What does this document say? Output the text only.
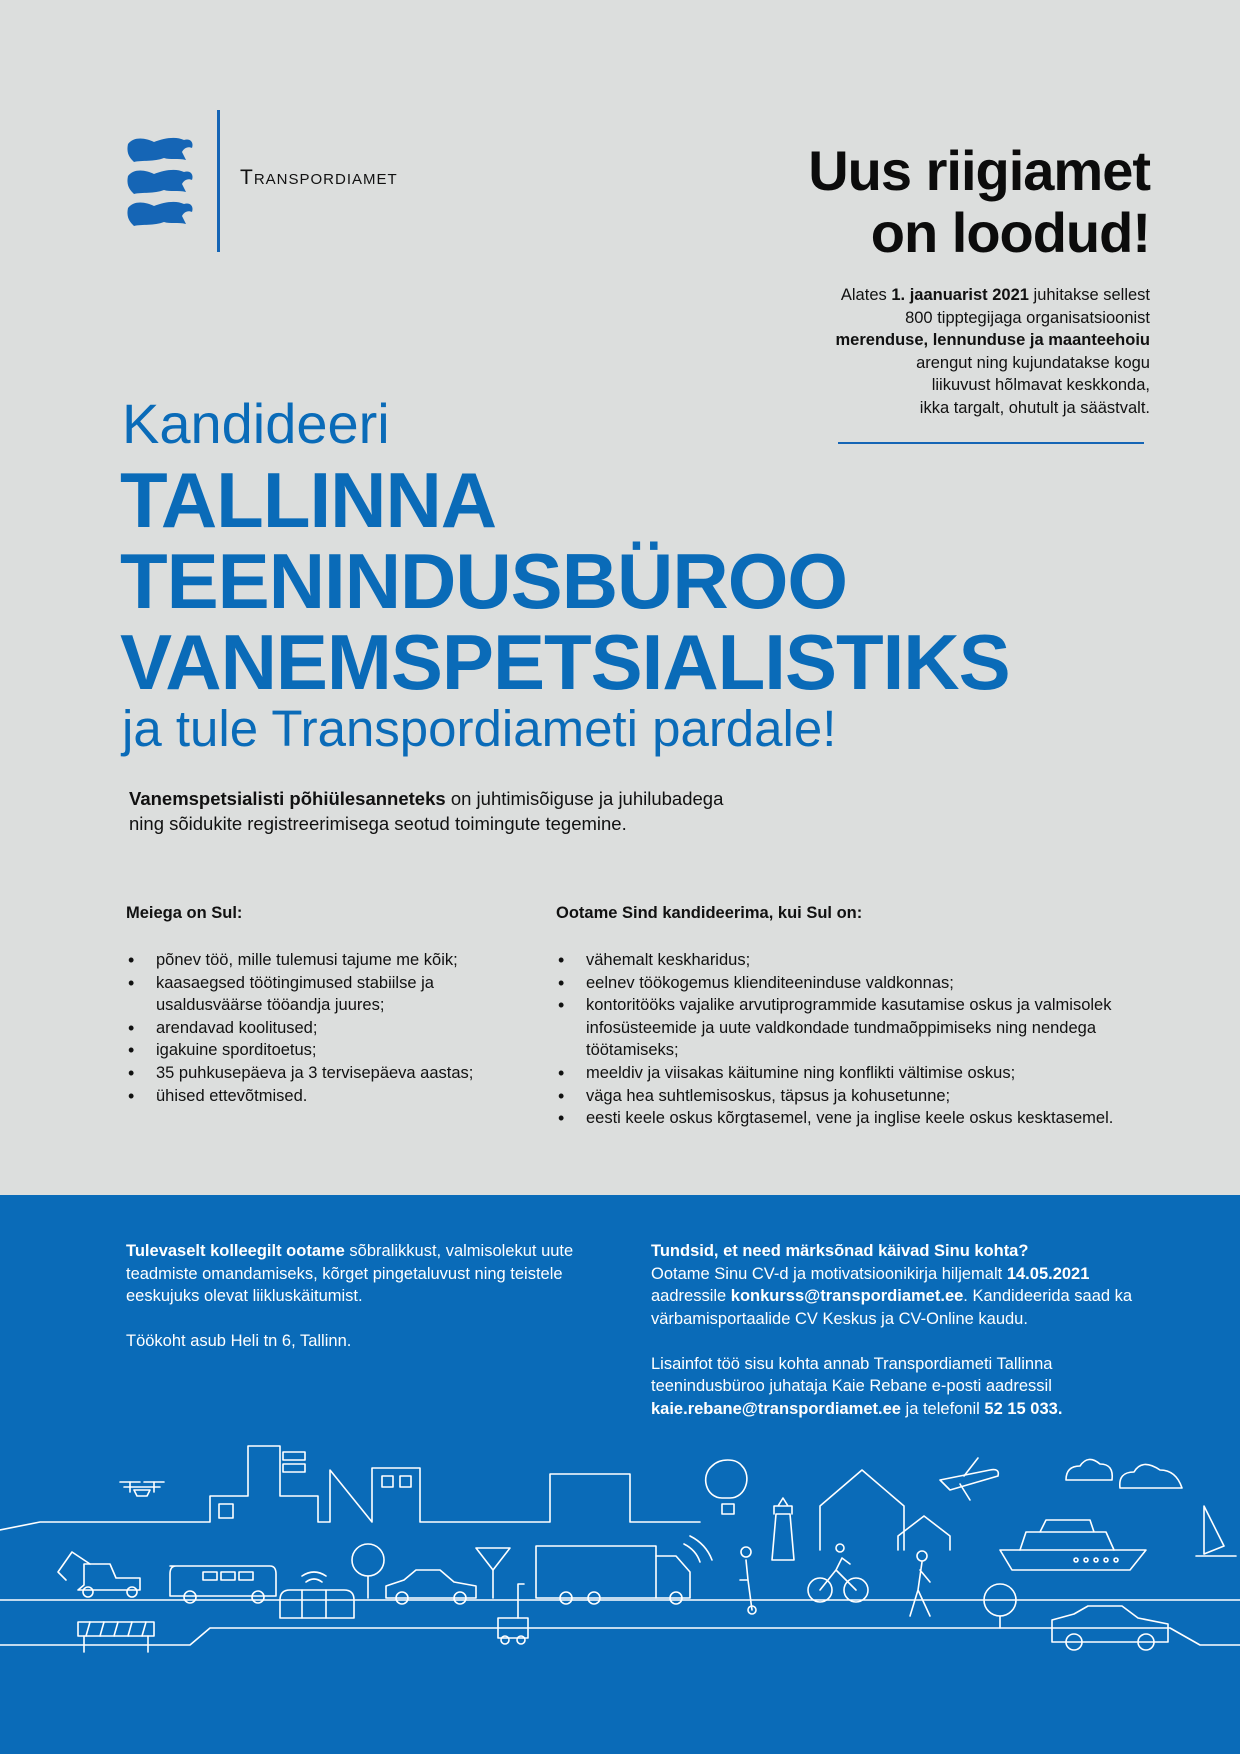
Transpordiamet	Uus riigiamet
on loodud!
Alates 1. jaanuarist 2021 juhitakse sellest
800 tipptegijaga organisatsioonist
merenduse, lennunduse ja maanteehoiu
arengut ning kujundatakse kogu
liikuvust hõlmavat keskkonda,
ikka targalt, ohutult ja säästvalt.
Kandideeri
TALLINNA
TEENINDUSBÜROO
VANEMSPETSIALISTIKS
ja tule Transpordiameti pardale!
Vanemspetsialisti põhiülesanneteks on juhtimisõiguse ja juhilubadega
ning sõidukite registreerimisega seotud toimingute tegemine.
Meiega on Sul:
• põnev töö, mille tulemusi tajume me kõik;
• kaasaegsed töötingimused stabiilse ja usaldusväärse tööandja juures;
• arendavad koolitused;
• igakuine sporditoetus;
• 35 puhkusepäeva ja 3 tervisepäeva aastas;
• ühised ettevõtmised.
Ootame Sind kandideerima, kui Sul on:
• vähemalt keskharidus;
• eelnev töökogemus klienditeeninduse valdkonnas;
• kontoritööks vajalike arvutiprogrammide kasutamise oskus ja valmisolek infosüsteemide ja uute valdkondade tundmaõppimiseks ning nendega töötamiseks;
• meeldiv ja viisakas käitumine ning konflikti vältimise oskus;
• väga hea suhtlemisoskus, täpsus ja kohusetunne;
• eesti keele oskus kõrgtasemel, vene ja inglise keele oskus kesktasemel.

Tulevaselt kolleegilt ootame sõbralikkust, valmisolekut uute teadmiste omandamiseks, kõrget pingetaluvust ning teistele eeskujuks olevat liikluskäitumist.

Töökoht asub Heli tn 6, Tallinn.

Tundsid, et need märksõnad käivad Sinu kohta?
Ootame Sinu CV-d ja motivatsioonikirja hiljemalt 14.05.2021
aadressile konkurss@transpordiamet.ee. Kandideerida saad ka värbamisportaalide CV Keskus ja CV-Online kaudu.

Lisainfot töö sisu kohta annab Transpordiameti Tallinna teenindusbüroo juhataja Kaie Rebane e-posti aadressil kaie.rebane@transpordiamet.ee ja telefonil 52 15 033.
